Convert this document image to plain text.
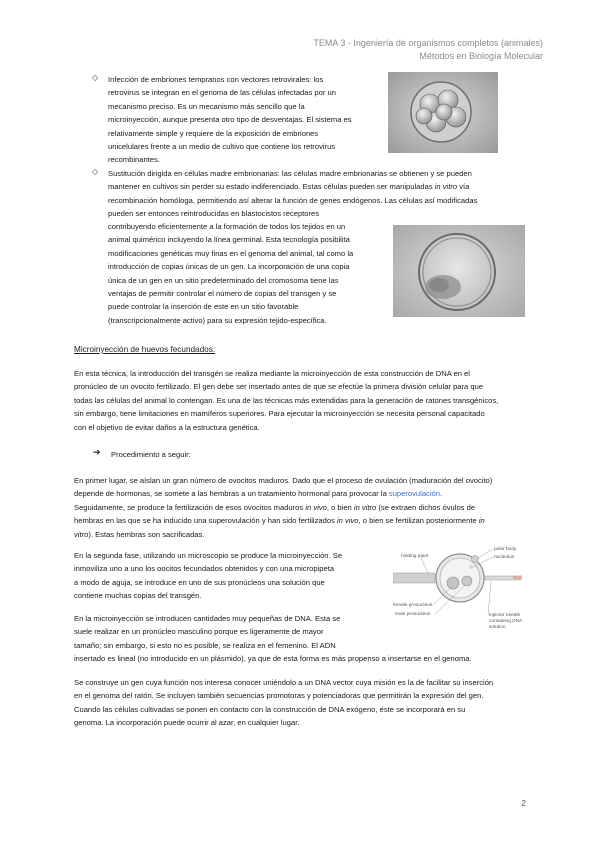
TEMA 3 - Ingeniería de organismos completos (animales)
Métodos en Biología Molecular
◇ Infección de embriones tempranos con vectores retrovirales: los
retrovirus se integran en el genoma de las células infectadas por un
mecanismo preciso. Es un mecanismo más sencillo que la
microinyección, aunque presenta otro tipo de desventajas. El sistema es
relativamente simple y requiere de la exposición de embriones
unicelulares frente a un medio de cultivo que contiene los retrovirus
recombinantes.
◇ Sustitución dirigida en células madre embrionarias: las células madre embrionarias se obtienen y se pueden
mantener en cultivos sin perder su estado indiferenciado. Estas células pueden ser manipuladas in vitro vía
recombinación homóloga, permitiendo así alterar la función de genes endógenos. Las células así modificadas
pueden ser entonces reintroducidas en blastocistos receptores
contribuyendo eficientemente a la formación de todos los tejidos en un
animal quimérico incluyendo la línea germinal. Esta tecnología posibilita
modificaciones genéticas muy finas en el genoma del animal, tal como la
introducción de copias únicas de un gen. La incorporación de una copia
única de un gen en un sitio predeterminado del cromosoma tiene las
ventajas de permitir controlar el número de copias del transgen y se
puede controlar la inserción de este en un sitio favorable
(transcripcionalmente activo) para su expresión tejido-específica.
Microinyección de huevos fecundados:
En esta técnica, la introducción del transgén se realiza mediante la microinyección de esta construcción de DNA en el
pronúcleo de un ovocito fertilizado. El gen debe ser insertado antes de que se efectúe la primera división celular para que
todas las células del animal lo contengan. Es una de las técnicas más extendidas para la generación de ratones transgénicos,
sin embargo, tiene limitaciones en mamíferos superiores. Para ejecutar la microinyección se necesita personal capacitado
con el objetivo de evitar daños a la estructura genética.
➔ Procedimiento a seguir:
En primer lugar, se aíslan un gran número de ovocitos maduros. Dado que el proceso de ovulación (maduración del ovocito)
depende de hormonas, se somete a las hembras a un tratamiento hormonal para provocar la superovulación.
Seguidamente, se produce la fertilización de esos ovocitos maduros in vivo, o bien in vitro (se extraen dichos óvulos de
hembras en las que se ha inducido una superovulación y han sido fertilizados in vivo, o bien se fertilizan posteriormente in
vitro). Estas hembras son sacrificadas.
En la segunda fase, utilizando un microscopio se produce la microinyección. Se
inmoviliza uno a uno los oocitos fecundados obtenidos y con una micropipeta
a modo de aguja, se introduce en uno de sus pronúcleos una solución que
contiene muchas copias del transgén.
ʌʌʌ
holding pipet
polar body
nucleolus
female pronucleus
male pronucleus	injector needle
containing DNA
solution
En la microinyección se introducen cantidades muy pequeñas de DNA. Esta se
suele realizar en un pronúcleo masculino porque es ligeramente de mayor
tamaño; sin embargo, si esto no es posible, se realiza en el femenino. El ADN
insertado es lineal (no introducido en un plásmido), ya que de esta forma es más propenso a insertarse en el genoma.
Se construye un gen cuya función nos interesa conocer uniéndolo a un DNA vector cuya misión es la de facilitar su inserción
en el genoma del ratón. Se incluyen también secuencias promotoras y potenciadoras que permitirán la expresión del gen.
Cuando las células cultivadas se ponen en contacto con la construcción de DNA exógeno, éste se incorporará en su
genoma. La incorporación puede ocurrir al azar, en cualquier lugar.
2
